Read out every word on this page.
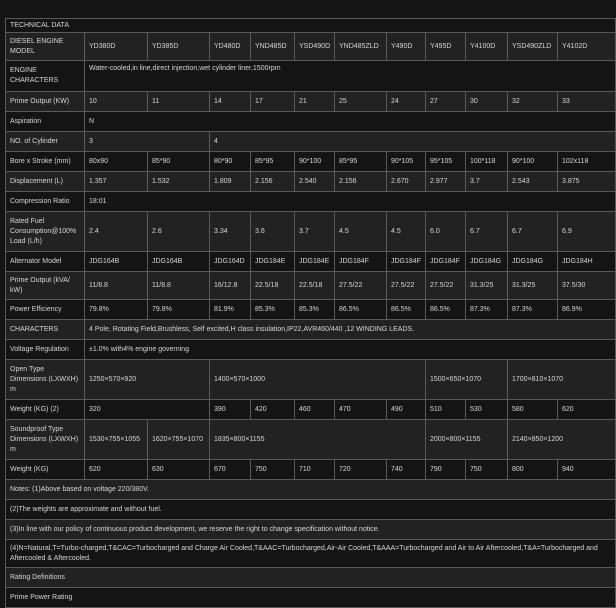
TECHNICAL DATA											
DIESEL ENGINE MODEL	YD380D	YD385D	YD480D	YND485D	YSD490D	YND485ZLD	Y490D	Y495D	Y4100D	YSD490ZLD	Y4102D
ENGINE CHARACTERS	Water-cooled,in line,direct injection,wet cylinder liner,1500rpm										
Prime Output (KW)	10	11	14	17	21	25	24	27	30	32	33
Aspiration	N										
NO. of Cylinder	3		4								
Bore x Stroke (mm)	80x90	85*90	80*90	85*95	90*100	85*95	90*105	95*105	100*118	90*100	102x118
Displacement (L)	1.357	1.532	1.809	2.156	2.540	2.156	2.670	2.977	3.7	2.543	3.875
Compression Ratio	18:01										
Rated Fuel Consumption@100% Load (L/h)	2.4	2.6	3.34	3.6	3.7	4.5	4.5	6.0	6.7	6.7	6.9
Alternator Model	JDG164B	JDG164B	JDG164D	JDG184E	JDG184E	JDG184F	JDG184F	JDG184F	JDG184G	JDG184G	JDG184H
Prime Output (kVA/ kW)	11/8.8	11/8.8	16/12.8	22.5/18	22.5/18	27.5/22	27.5/22	27.5/22	31.3/25	31.3/25	37.5/30
Power Efficiency	79.8%	79.8%	81.9%	85.3%	85.3%	86.5%	86.5%	86.5%	87.3%	87.3%	86.9%
CHARACTERS	4 Pole, Rotating Field,Brushless, Self excited,H class insulation,IP22,AVR460/440 ,12 WINDING LEADS.										
Voltage Regulation	±1.0% with4% engine governing										
Open Type Dimensions (LXWXH) m	1250×570×920		1400×570×1000					1500×650×1070		1700×810×1070	
Weight (KG) (2)	320		390	420	460	470	490	510	530	580	620
Soundproof Type Dimensions (LXWXH) m	1530×755×1055	1620×755×1070	1835×800×1155					2000×800×1155		2140×850×1200	
Weight (KG)	620	630	670	750	710	720	740	790	750	800	940
Notes: (1)Above based on voltage 220/380V.											
(2)The weights are approximate and without fuel.											
(3)In line with our policy of continuous product development, we reserve the right to change specification without notice.											
(4)N=Natural,T=Turbo-charged,T&CAC=Turbocharged and Charge Air Cooled,T&AAC=Turbocharged,Air-Air Cooled,T&AAA=Turbocharged and Air to Air Aftercooled,T&A=Turbocharged and Aftercooled & Aftercooled.											
Rating Definitions											
Prime Power Rating											
